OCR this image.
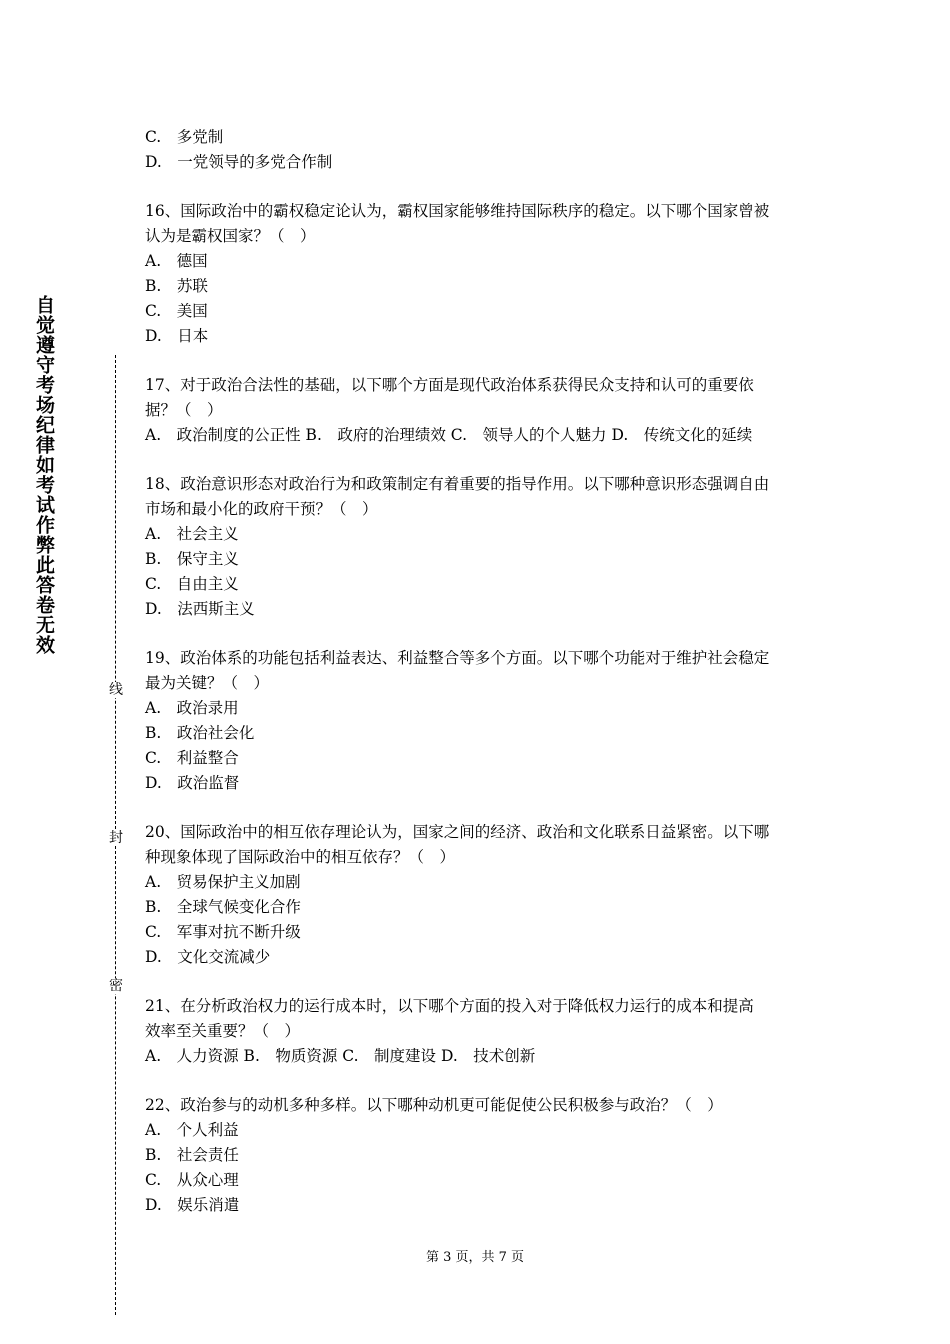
自觉遵守考场纪律如考试作弊此答卷无效
线
封
密
C.　多党制
D.　一党领导的多党合作制
16、国际政治中的霸权稳定论认为，霸权国家能够维持国际秩序的稳定。以下哪个国家曾被
认为是霸权国家？（　）
A.　德国
B.　苏联
C.　美国
D.　日本
17、对于政治合法性的基础，以下哪个方面是现代政治体系获得民众支持和认可的重要依
据？（　）
A.　政治制度的公正性 B.　政府的治理绩效 C.　领导人的个人魅力 D.　传统文化的延续
18、政治意识形态对政治行为和政策制定有着重要的指导作用。以下哪种意识形态强调自由
市场和最小化的政府干预？（　）
A.　社会主义
B.　保守主义
C.　自由主义
D.　法西斯主义
19、政治体系的功能包括利益表达、利益整合等多个方面。以下哪个功能对于维护社会稳定
最为关键？（　）
A.　政治录用
B.　政治社会化
C.　利益整合
D.　政治监督
20、国际政治中的相互依存理论认为，国家之间的经济、政治和文化联系日益紧密。以下哪
种现象体现了国际政治中的相互依存？（　）
A.　贸易保护主义加剧
B.　全球气候变化合作
C.　军事对抗不断升级
D.　文化交流减少
21、在分析政治权力的运行成本时，以下哪个方面的投入对于降低权力运行的成本和提高
效率至关重要？（　）
A.　人力资源 B.　物质资源 C.　制度建设 D.　技术创新
22、政治参与的动机多种多样。以下哪种动机更可能促使公民积极参与政治？（　）
A.　个人利益
B.　社会责任
C.　从众心理
D.　娱乐消遣
第 3 页，共 7 页
